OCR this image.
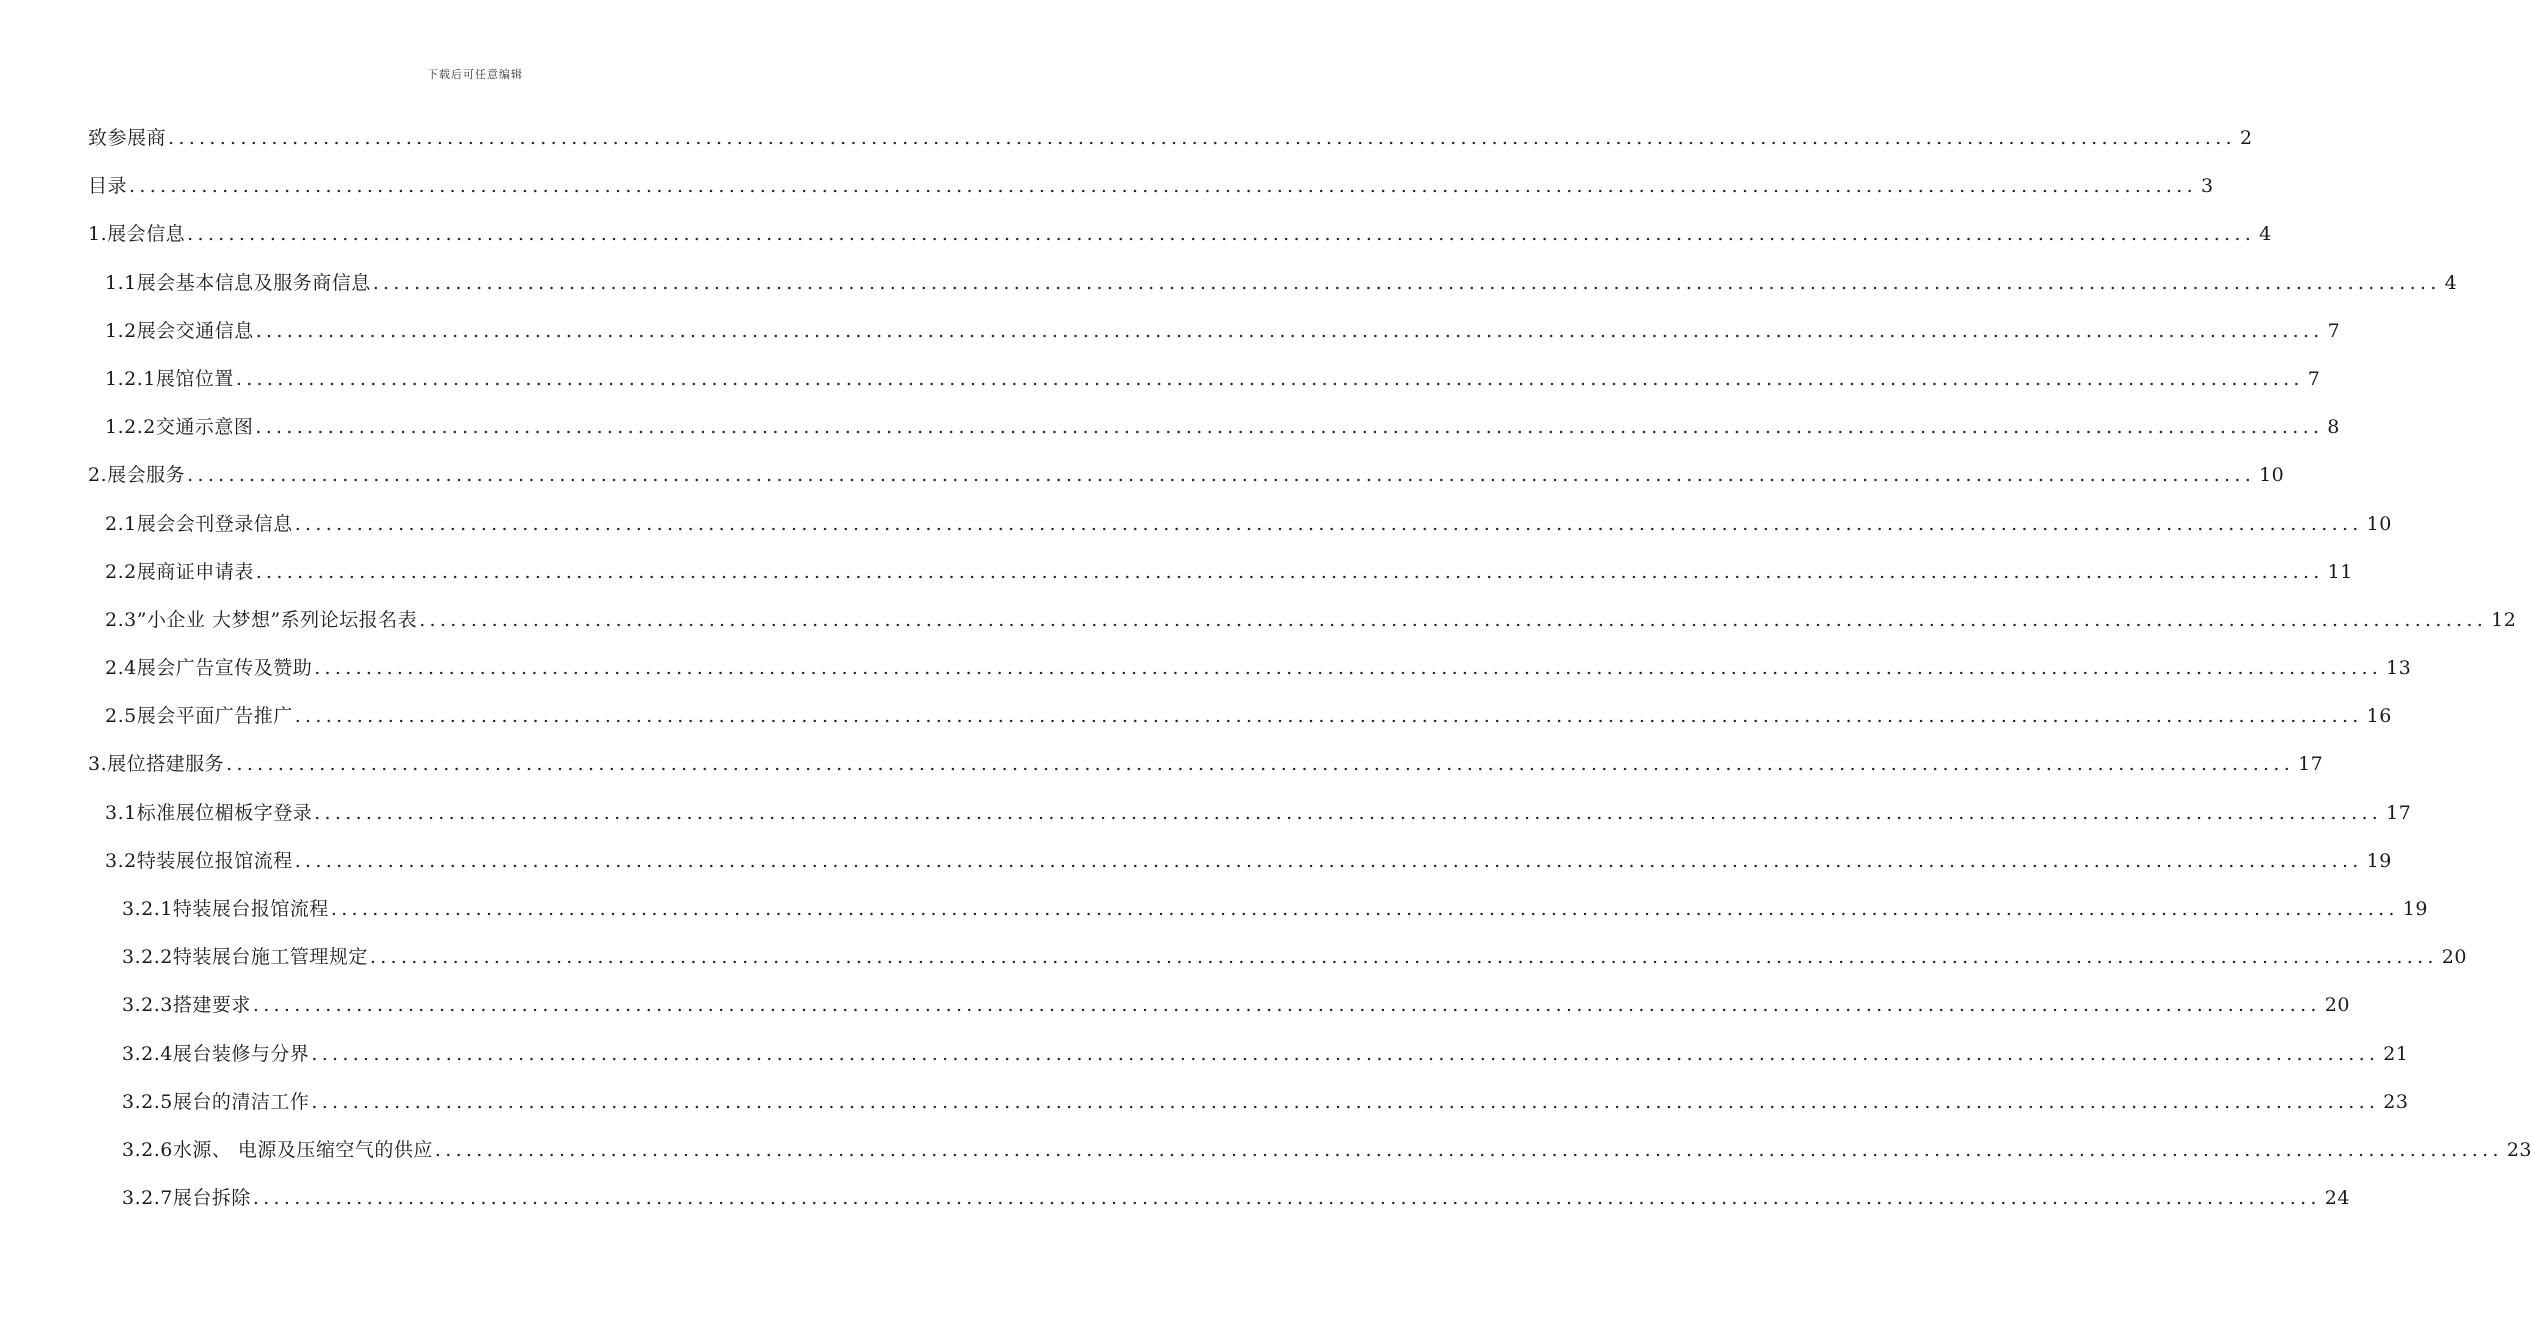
下载后可任意编辑
致参展商 ........................................................................................................................................................................................................ 2
目录 ........................................................................................................................................................................................................ 3
1.展会信息 ........................................................................................................................................................................................................ 4
1.1展会基本信息及服务商信息 ........................................................................................................................................................................................................ 4
1.2展会交通信息 ........................................................................................................................................................................................................ 7
1.2.1展馆位置 ........................................................................................................................................................................................................ 7
1.2.2交通示意图 ........................................................................................................................................................................................................ 8
2.展会服务 ........................................................................................................................................................................................................ 10
2.1展会会刊登录信息 ........................................................................................................................................................................................................ 10
2.2展商证申请表 ........................................................................................................................................................................................................ 11
2.3”小企业 大梦想”系列论坛报名表 ........................................................................................................................................................................................................ 12
2.4展会广告宣传及赞助 ........................................................................................................................................................................................................ 13
2.5展会平面广告推广 ........................................................................................................................................................................................................ 16
3.展位搭建服务 ........................................................................................................................................................................................................ 17
3.1标准展位楣板字登录 ........................................................................................................................................................................................................ 17
3.2特装展位报馆流程 ........................................................................................................................................................................................................ 19
3.2.1特装展台报馆流程 ........................................................................................................................................................................................................ 19
3.2.2特装展台施工管理规定 ........................................................................................................................................................................................................ 20
3.2.3搭建要求 ........................................................................................................................................................................................................ 20
3.2.4展台装修与分界 ........................................................................................................................................................................................................ 21
3.2.5展台的清洁工作 ........................................................................................................................................................................................................ 23
3.2.6水源、 电源及压缩空气的供应 ........................................................................................................................................................................................................ 23
3.2.7展台拆除 ........................................................................................................................................................................................................ 24
